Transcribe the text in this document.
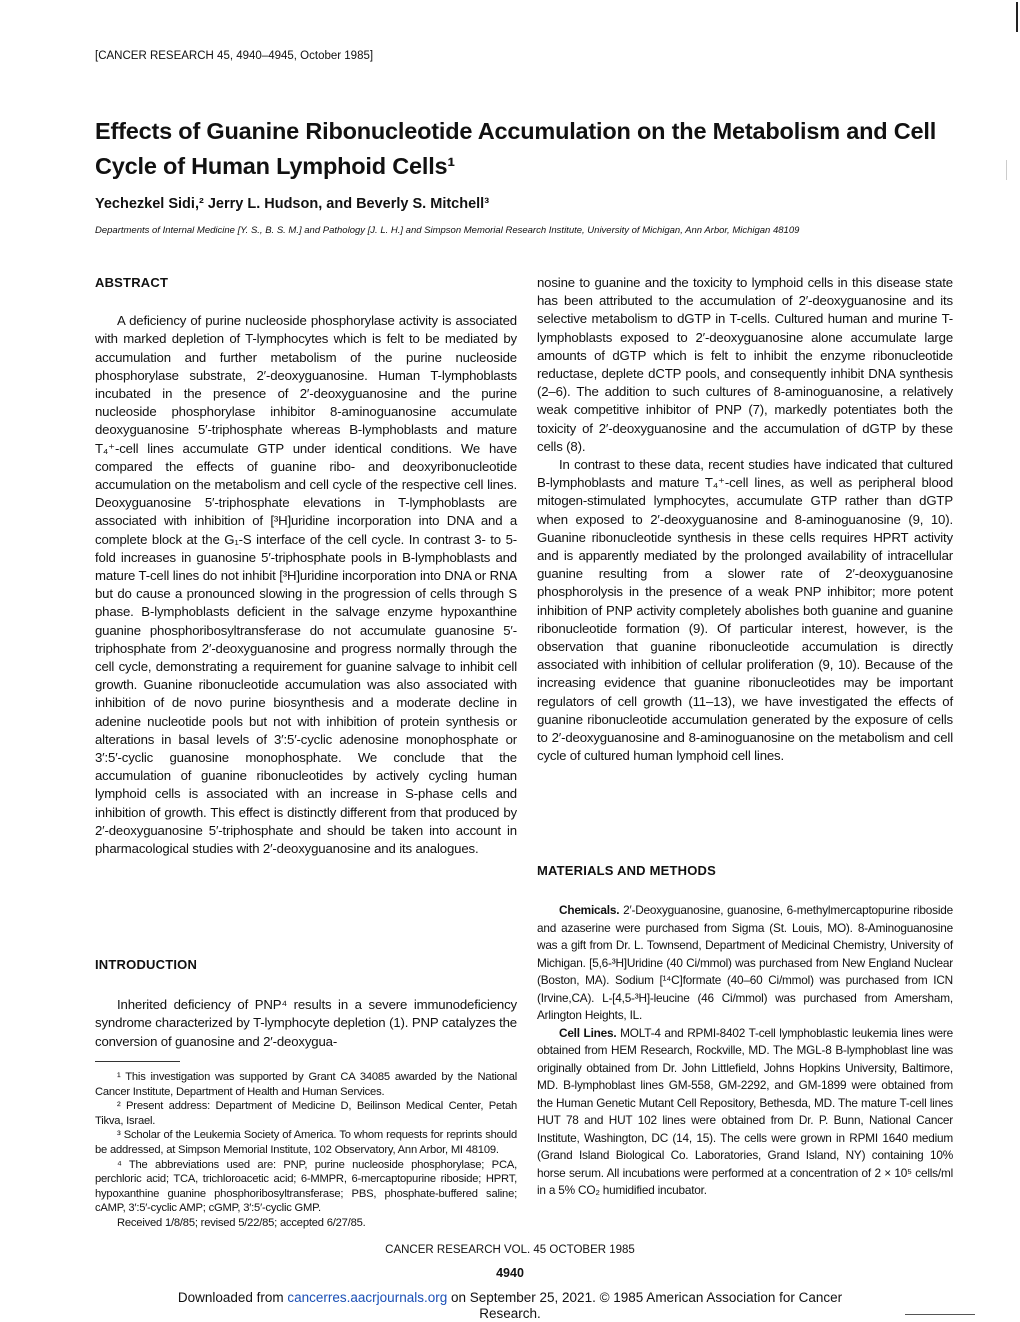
[CANCER RESEARCH 45, 4940–4945, October 1985]
Effects of Guanine Ribonucleotide Accumulation on the Metabolism and Cell Cycle of Human Lymphoid Cells¹
Yechezkel Sidi,² Jerry L. Hudson, and Beverly S. Mitchell³
Departments of Internal Medicine [Y. S., B. S. M.] and Pathology [J. L. H.] and Simpson Memorial Research Institute, University of Michigan, Ann Arbor, Michigan 48109
ABSTRACT
A deficiency of purine nucleoside phosphorylase activity is associated with marked depletion of T-lymphocytes which is felt to be mediated by accumulation and further metabolism of the purine nucleoside phosphorylase substrate, 2′-deoxyguanosine. Human T-lymphoblasts incubated in the presence of 2′-deoxyguanosine and the purine nucleoside phosphorylase inhibitor 8-aminoguanosine accumulate deoxyguanosine 5′-triphosphate whereas B-lymphoblasts and mature T₄⁺-cell lines accumulate GTP under identical conditions. We have compared the effects of guanine ribo- and deoxyribonucleotide accumulation on the metabolism and cell cycle of the respective cell lines. Deoxyguanosine 5′-triphosphate elevations in T-lymphoblasts are associated with inhibition of [³H]uridine incorporation into DNA and a complete block at the G₁-S interface of the cell cycle. In contrast 3- to 5-fold increases in guanosine 5′-triphosphate pools in B-lymphoblasts and mature T-cell lines do not inhibit [³H]uridine incorporation into DNA or RNA but do cause a pronounced slowing in the progression of cells through S phase. B-lymphoblasts deficient in the salvage enzyme hypoxanthine guanine phosphoribosyltransferase do not accumulate guanosine 5′-triphosphate from 2′-deoxyguanosine and progress normally through the cell cycle, demonstrating a requirement for guanine salvage to inhibit cell growth. Guanine ribonucleotide accumulation was also associated with inhibition of de novo purine biosynthesis and a moderate decline in adenine nucleotide pools but not with inhibition of protein synthesis or alterations in basal levels of 3′:5′-cyclic adenosine monophosphate or 3′:5′-cyclic guanosine monophosphate. We conclude that the accumulation of guanine ribonucleotides by actively cycling human lymphoid cells is associated with an increase in S-phase cells and inhibition of growth. This effect is distinctly different from that produced by 2′-deoxyguanosine 5′-triphosphate and should be taken into account in pharmacological studies with 2′-deoxyguanosine and its analogues.
INTRODUCTION
Inherited deficiency of PNP⁴ results in a severe immunodeficiency syndrome characterized by T-lymphocyte depletion (1). PNP catalyzes the conversion of guanosine and 2′-deoxygua-
¹ This investigation was supported by Grant CA 34085 awarded by the National Cancer Institute, Department of Health and Human Services.
² Present address: Department of Medicine D, Beilinson Medical Center, Petah Tikva, Israel.
³ Scholar of the Leukemia Society of America. To whom requests for reprints should be addressed, at Simpson Memorial Institute, 102 Observatory, Ann Arbor, MI 48109.
⁴ The abbreviations used are: PNP, purine nucleoside phosphorylase; PCA, perchloric acid; TCA, trichloroacetic acid; 6-MMPR, 6-mercaptopurine riboside; HPRT, hypoxanthine guanine phosphoribosyltransferase; PBS, phosphate-buffered saline; cAMP, 3′:5′-cyclic AMP; cGMP, 3′:5′-cyclic GMP.
Received 1/8/85; revised 5/22/85; accepted 6/27/85.
nosine to guanine and the toxicity to lymphoid cells in this disease state has been attributed to the accumulation of 2′-deoxyguanosine and its selective metabolism to dGTP in T-cells. Cultured human and murine T-lymphoblasts exposed to 2′-deoxyguanosine alone accumulate large amounts of dGTP which is felt to inhibit the enzyme ribonucleotide reductase, deplete dCTP pools, and consequently inhibit DNA synthesis (2–6). The addition to such cultures of 8-aminoguanosine, a relatively weak competitive inhibitor of PNP (7), markedly potentiates both the toxicity of 2′-deoxyguanosine and the accumulation of dGTP by these cells (8).
In contrast to these data, recent studies have indicated that cultured B-lymphoblasts and mature T₄⁺-cell lines, as well as peripheral blood mitogen-stimulated lymphocytes, accumulate GTP rather than dGTP when exposed to 2′-deoxyguanosine and 8-aminoguanosine (9, 10). Guanine ribonucleotide synthesis in these cells requires HPRT activity and is apparently mediated by the prolonged availability of intracellular guanine resulting from a slower rate of 2′-deoxyguanosine phosphorolysis in the presence of a weak PNP inhibitor; more potent inhibition of PNP activity completely abolishes both guanine and guanine ribonucleotide formation (9). Of particular interest, however, is the observation that guanine ribonucleotide accumulation is directly associated with inhibition of cellular proliferation (9, 10). Because of the increasing evidence that guanine ribonucleotides may be important regulators of cell growth (11–13), we have investigated the effects of guanine ribonucleotide accumulation generated by the exposure of cells to 2′-deoxyguanosine and 8-aminoguanosine on the metabolism and cell cycle of cultured human lymphoid cell lines.
MATERIALS AND METHODS
Chemicals. 2′-Deoxyguanosine, guanosine, 6-methylmercaptopurine riboside and azaserine were purchased from Sigma (St. Louis, MO). 8-Aminoguanosine was a gift from Dr. L. Townsend, Department of Medicinal Chemistry, University of Michigan. [5,6-³H]Uridine (40 Ci/mmol) was purchased from New England Nuclear (Boston, MA). Sodium [¹⁴C]formate (40–60 Ci/mmol) was purchased from ICN (Irvine,CA). L-[4,5-³H]-leucine (46 Ci/mmol) was purchased from Amersham, Arlington Heights, IL.
Cell Lines. MOLT-4 and RPMI-8402 T-cell lymphoblastic leukemia lines were obtained from HEM Research, Rockville, MD. The MGL-8 B-lymphoblast line was originally obtained from Dr. John Littlefield, Johns Hopkins University, Baltimore, MD. B-lymphoblast lines GM-558, GM-2292, and GM-1899 were obtained from the Human Genetic Mutant Cell Repository, Bethesda, MD. The mature T-cell lines HUT 78 and HUT 102 lines were obtained from Dr. P. Bunn, National Cancer Institute, Washington, DC (14, 15). The cells were grown in RPMI 1640 medium (Grand Island Biological Co. Laboratories, Grand Island, NY) containing 10% horse serum. All incubations were performed at a concentration of 2 × 10⁵ cells/ml in a 5% CO₂ humidified incubator.
CANCER RESEARCH VOL. 45 OCTOBER 1985
4940
Downloaded from cancerres.aacrjournals.org on September 25, 2021. © 1985 American Association for Cancer
Research.
